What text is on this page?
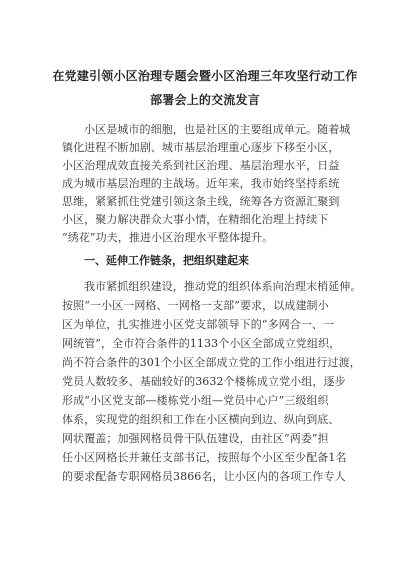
在党建引领小区治理专题会暨小区治理三年攻坚行动工作
部署会上的交流发言
小区是城市的细胞，也是社区的主要组成单元。随着城
镇化进程不断加剧、城市基层治理重心逐步下移至小区，
小区治理成效直接关系到社区治理、基层治理水平，日益
成为城市基层治理的主战场。近年来，我市始终坚持系统
思维，紧紧抓住党建引领这条主线，统筹各方资源汇聚到
小区，聚力解决群众大事小情，在精细化治理上持续下
“绣花”功夫，推进小区治理水平整体提升。
一、延伸工作链条，把组织建起来
我市紧抓组织建设，推动党的组织体系向治理末梢延伸。
按照“一小区一网格、一网格一支部”要求，以成建制小
区为单位，扎实推进小区党支部领导下的“多网合一、一
网统管”，全市符合条件的1133个小区全部成立党组织，
尚不符合条件的301个小区全部成立党的工作小组进行过渡，
党员人数较多、基础较好的3632个楼栋成立党小组，逐步
形成“小区党支部—楼栋党小组—党员中心户”三级组织
体系，实现党的组织和工作在小区横向到边、纵向到底、
网状覆盖；加强网格员骨干队伍建设，由社区“两委”担
任小区网格长并兼任支部书记，按照每个小区至少配备1名
的要求配备专职网格员3866名，让小区内的各项工作专人
